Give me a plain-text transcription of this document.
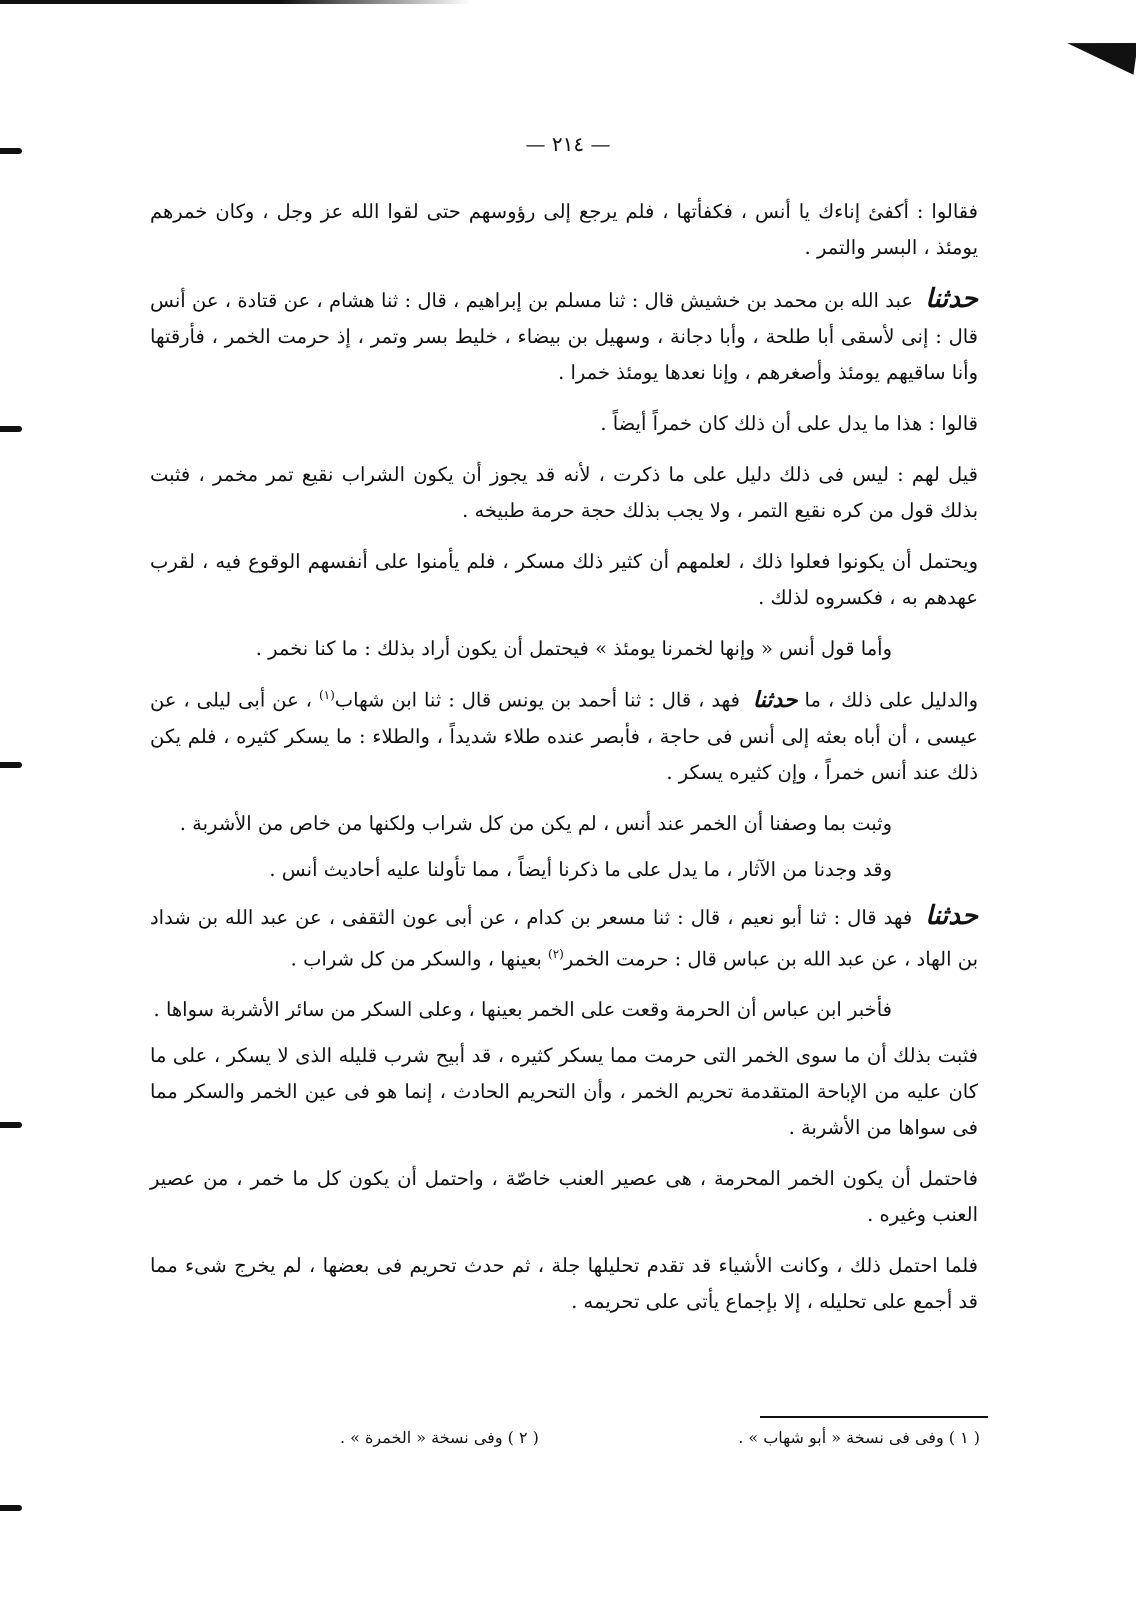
— ٢١٤ —

فقالوا : أكفئ إناءك يا أنس ، فكفأتها ، فلم يرجع إلى رؤوسهم حتى لقوا الله عز وجل ، وكان خمرهم يومئذ ، البسر والتمر .

حدثنا عبد الله بن محمد بن خشيش قال : ثنا مسلم بن إبراهيم ، قال : ثنا هشام ، عن قتادة ، عن أنس قال : إنى لأسقى أبا طلحة ، وأبا دجانة ، وسهيل بن بيضاء ، خليط بسر وتمر ، إذ حرمت الخمر ، فأرقتها وأنا ساقيهم يومئذ وأصغرهم ، وإنا نعدها يومئذ خمرا .

قالوا : هذا ما يدل على أن ذلك كان خمراً أيضاً .

قيل لهم : ليس فى ذلك دليل على ما ذكرت ، لأنه قد يجوز أن يكون الشراب نقيع تمر مخمر ، فثبت بذلك قول من كره نقيع التمر ، ولا يجب بذلك حجة حرمة طبيخه .

ويحتمل أن يكونوا فعلوا ذلك ، لعلمهم أن كثير ذلك مسكر ، فلم يأمنوا على أنفسهم الوقوع فيه ، لقرب عهدهم به ، فكسروه لذلك .

وأما قول أنس « وإنها لخمرنا يومئذ » فيحتمل أن يكون أراد بذلك : ما كنا نخمر .

والدليل على ذلك ، ما حدثنا فهد ، قال : ثنا أحمد بن يونس قال : ثنا ابن شهاب$^{(١)}$ ، عن أبى ليلى ، عن عيسى ، أن أباه بعثه إلى أنس فى حاجة ، فأبصر عنده طلاء شديداً ، والطلاء : ما يسكر كثيره ، فلم يكن ذلك عند أنس خمراً ، وإن كثيره يسكر .

وثبت بما وصفنا أن الخمر عند أنس ، لم يكن من كل شراب ولكنها من خاص من الأشربة .

وقد وجدنا من الآثار ، ما يدل على ما ذكرنا أيضاً ، مما تأولنا عليه أحاديث أنس .

حدثنا فهد قال : ثنا أبو نعيم ، قال : ثنا مسعر بن كدام ، عن أبى عون الثقفى ، عن عبد الله بن شداد بن الهاد ، عن عبد الله بن عباس قال : حرمت الخمر$^{(٢)}$ بعينها ، والسكر من كل شراب .

فأخبر ابن عباس أن الحرمة وقعت على الخمر بعينها ، وعلى السكر من سائر الأشربة سواها .

فثبت بذلك أن ما سوى الخمر التى حرمت مما يسكر كثيره ، قد أبيح شرب قليله الذى لا يسكر ، على ما كان عليه من الإباحة المتقدمة تحريم الخمر ، وأن التحريم الحادث ، إنما هو فى عين الخمر والسكر مما فى سواها من الأشربة .

فاحتمل أن يكون الخمر المحرمة ، هى عصير العنب خاصّة ، واحتمل أن يكون كل ما خمر ، من عصير العنب وغيره .

فلما احتمل ذلك ، وكانت الأشياء قد تقدم تحليلها جلة ، ثم حدث تحريم فى بعضها ، لم يخرج شىء مما قد أجمع على تحليله ، إلا بإجماع يأتى على تحريمه .

( ١ ) وفى فى نسخة « أبو شهاب » .
( ٢ ) وفى نسخة « الخمرة » .
